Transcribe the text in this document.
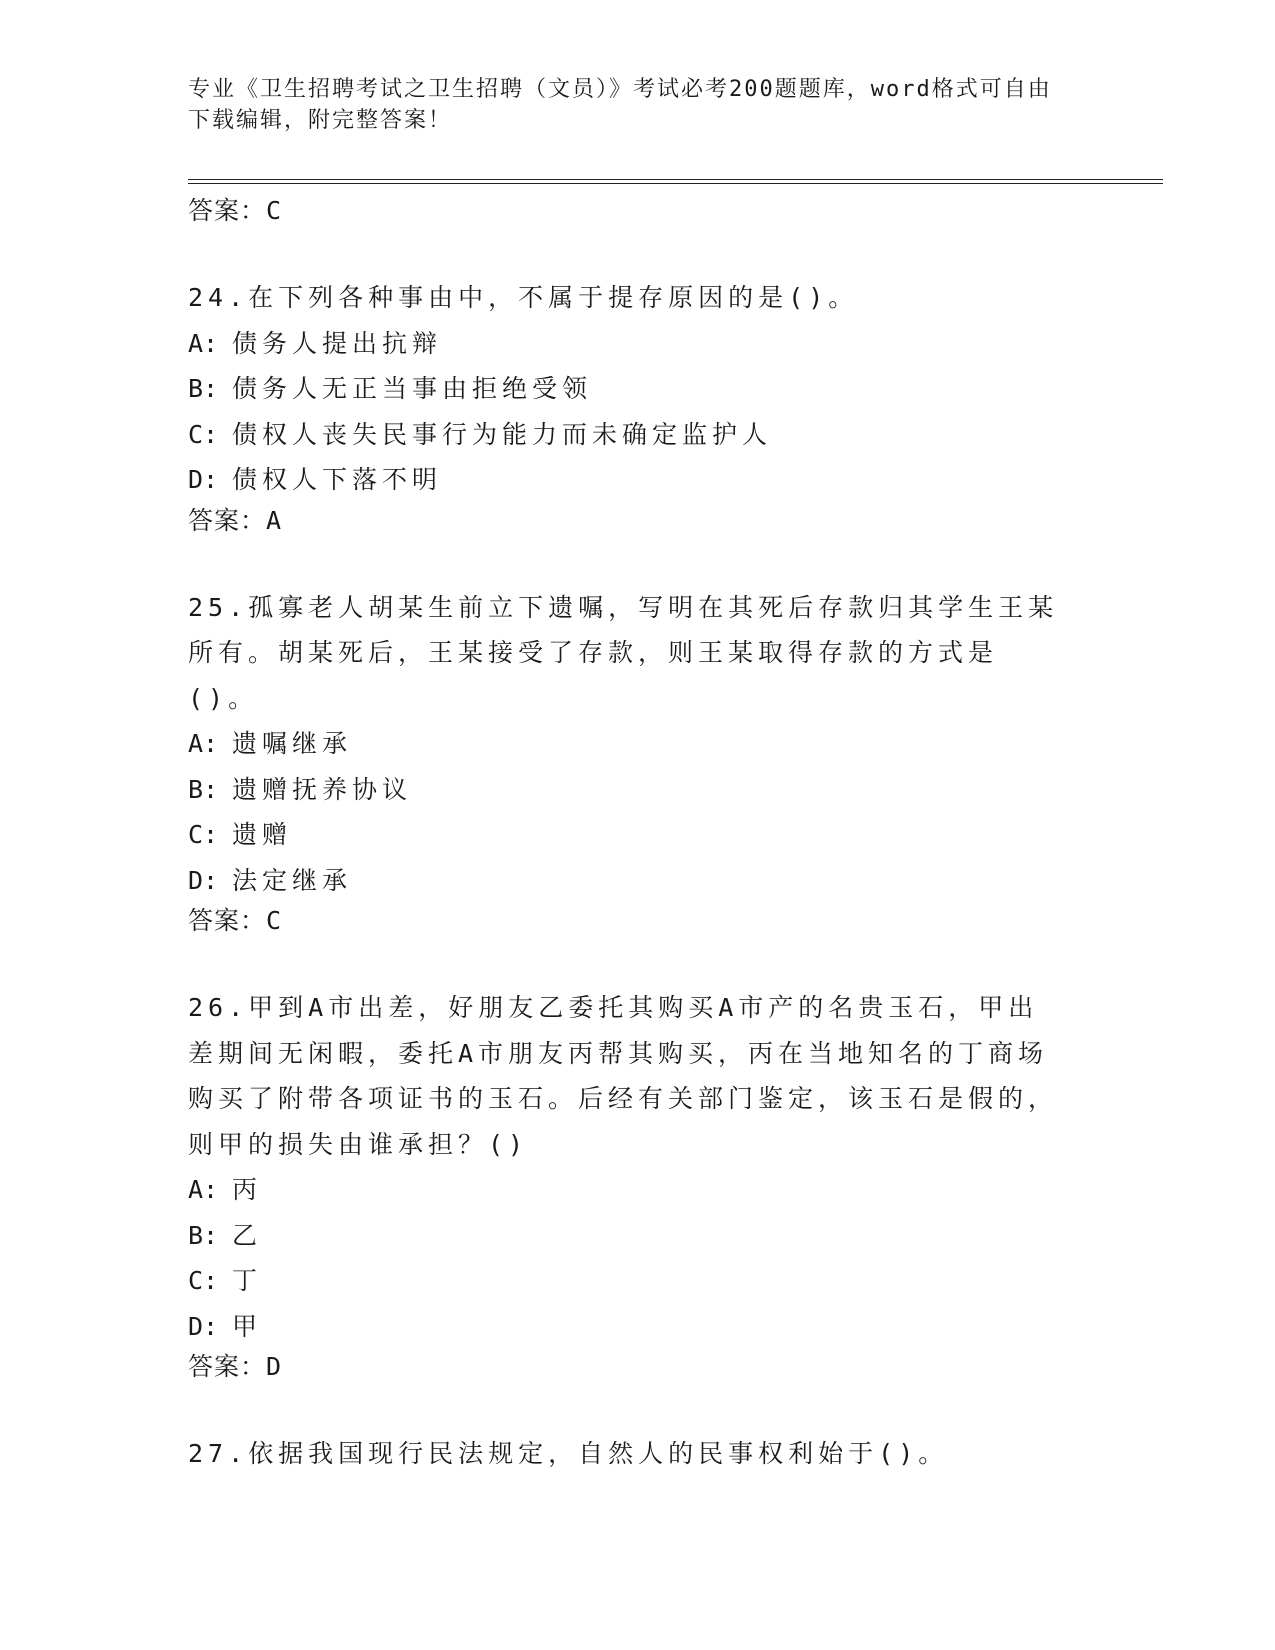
专业《卫生招聘考试之卫生招聘（文员）》考试必考200题题库，word格式可自由下载编辑，附完整答案！
答案：C
24.在下列各种事由中，不属于提存原因的是()。
A: 债务人提出抗辩
B: 债务人无正当事由拒绝受领
C: 债权人丧失民事行为能力而未确定监护人
D: 债权人下落不明
答案：A
25.孤寡老人胡某生前立下遗嘱，写明在其死后存款归其学生王某所有。胡某死后，王某接受了存款，则王某取得存款的方式是()。
A: 遗嘱继承
B: 遗赠抚养协议
C: 遗赠
D: 法定继承
答案：C
26.甲到A市出差，好朋友乙委托其购买A市产的名贵玉石，甲出差期间无闲暇，委托A市朋友丙帮其购买，丙在当地知名的丁商场购买了附带各项证书的玉石。后经有关部门鉴定，该玉石是假的，则甲的损失由谁承担？()
A: 丙
B: 乙
C: 丁
D: 甲
答案：D
27.依据我国现行民法规定，自然人的民事权利始于()。
